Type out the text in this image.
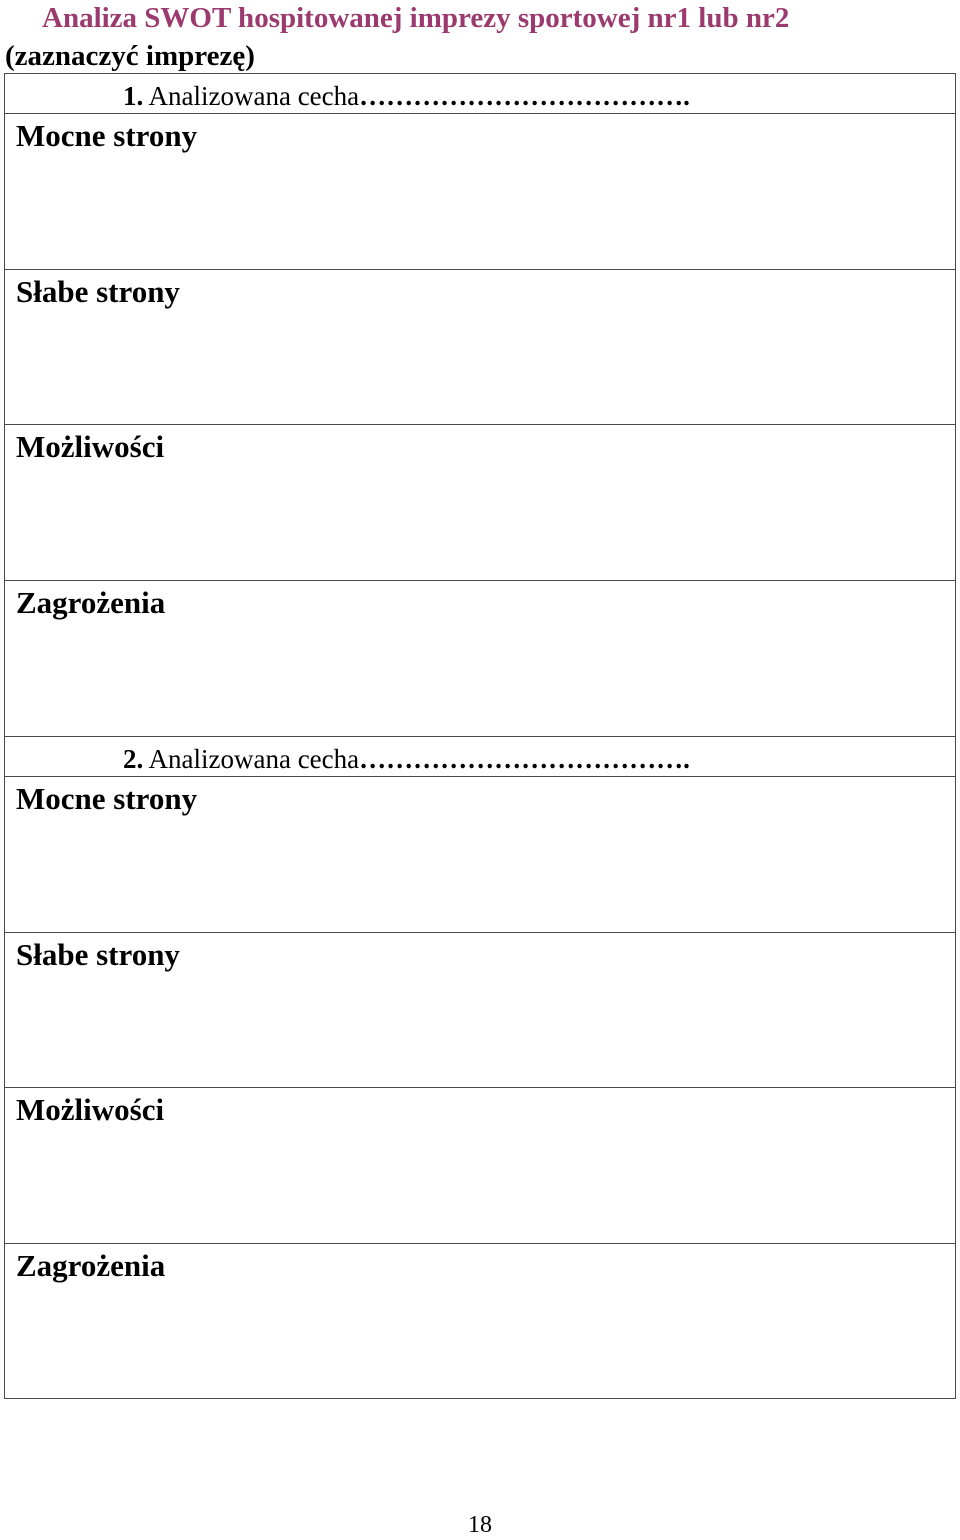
Analiza SWOT hospitowanej imprezy sportowej nr1 lub nr2
(zaznaczyć imprezę)
1. Analizowana cecha……………………………….
Mocne strony
Słabe strony
Możliwości
Zagrożenia
2. Analizowana cecha……………………………….
Mocne strony
Słabe strony
Możliwości
Zagrożenia
18
